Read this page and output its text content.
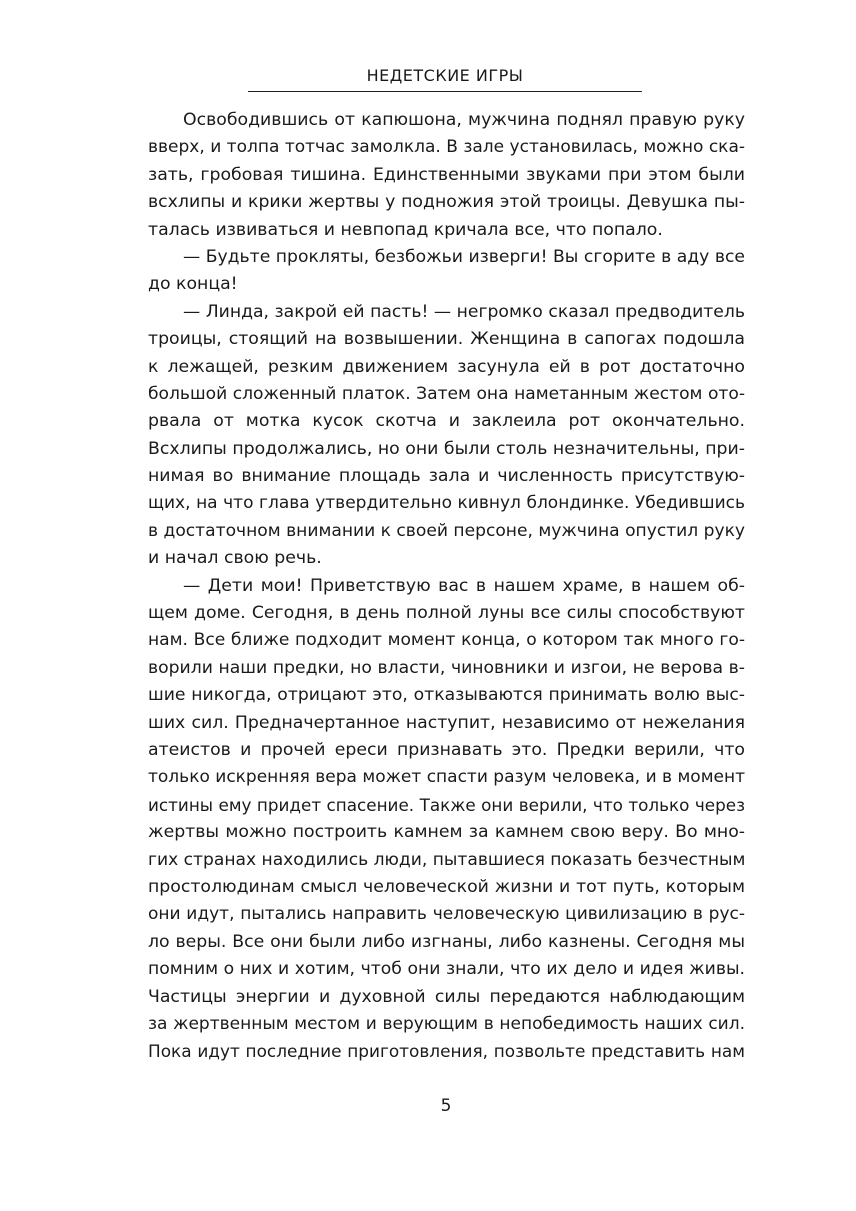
НЕДЕТСКИЕ ИГРЫ
Освободившись от капюшона, мужчина поднял правую руку
вверх, и толпа тотчас замолкла. В зале установилась, можно ска-
зать, гробовая тишина. Единственными звуками при этом были
всхлипы и крики жертвы у подножия этой троицы. Девушка пы-
талась извиваться и невпопад кричала все, что попало.
— Будьте прокляты, безбожьи изверги! Вы сгорите в аду все
до конца!
— Линда, закрой ей пасть! — негромко сказал предводитель
троицы, стоящий на возвышении. Женщина в сапогах подошла
к лежащей, резким движением засунула ей в рот достаточно
большой сложенный платок. Затем она наметанным жестом ото-
рвала от мотка кусок скотча и заклеила рот окончательно.
Всхлипы продолжались, но они были столь незначительны, при-
нимая во внимание площадь зала и численность присутствую-
щих, на что глава утвердительно кивнул блондинке. Убедившись
в достаточном внимании к своей персоне, мужчина опустил руку
и начал свою речь.
— Дети мои! Приветствую вас в нашем храме, в нашем об-
щем доме. Сегодня, в день полной луны все силы способствуют
нам. Все ближе подходит момент конца, о котором так много го-
ворили наши предки, но власти, чиновники и изгои, не верова в-
шие никогда, отрицают это, отказываются принимать волю выс-
ших сил. Предначертанное наступит, независимо от нежелания
атеистов и прочей ереси признавать это. Предки верили, что
только искренняя вера может спасти разум человека, и в момент
истины ему придет спасение. Также они верили, что только через
жертвы можно построить камнем за камнем свою веру. Во мно-
гих странах находились люди, пытавшиеся показать безчестным
простолюдинам смысл человеческой жизни и тот путь, которым
они идут, пытались направить человеческую цивилизацию в рус-
ло веры. Все они были либо изгнаны, либо казнены. Сегодня мы
помним о них и хотим, чтоб они знали, что их дело и идея живы.
Частицы энергии и духовной силы передаются наблюдающим
за жертвенным местом и верующим в непобедимость наших сил.
Пока идут последние приготовления, позвольте представить нам
5
